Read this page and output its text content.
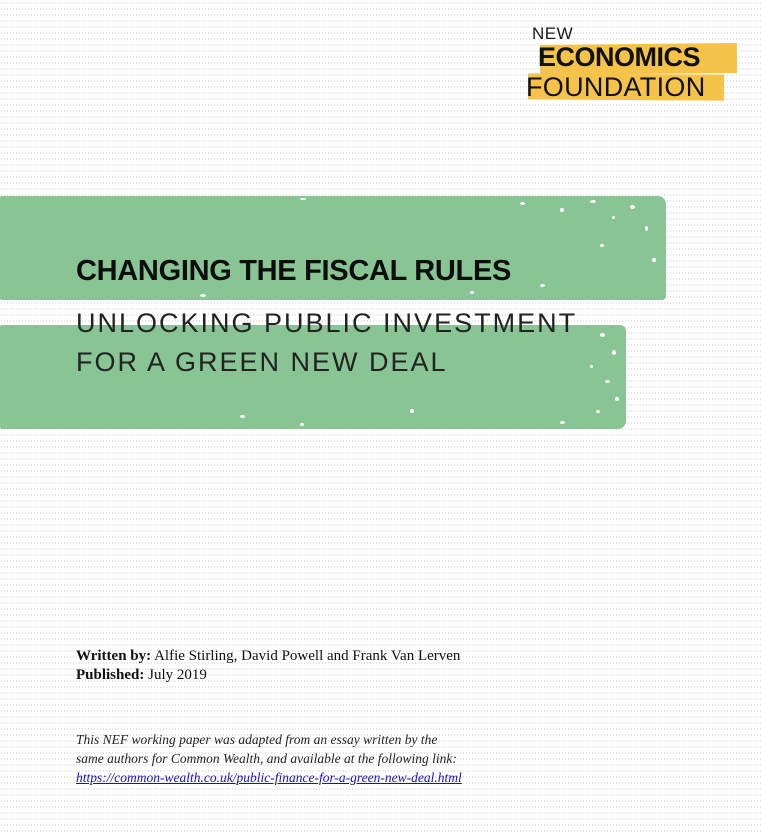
NEW
ECONOMICS
FOUNDATION
CHANGING THE FISCAL RULES
UNLOCKING PUBLIC INVESTMENT
FOR A GREEN NEW DEAL
Written by: Alfie Stirling, David Powell and Frank Van Lerven
Published: July 2019
This NEF working paper was adapted from an essay written by the
same authors for Common Wealth, and available at the following link:
https://common-wealth.co.uk/public-finance-for-a-green-new-deal.html
